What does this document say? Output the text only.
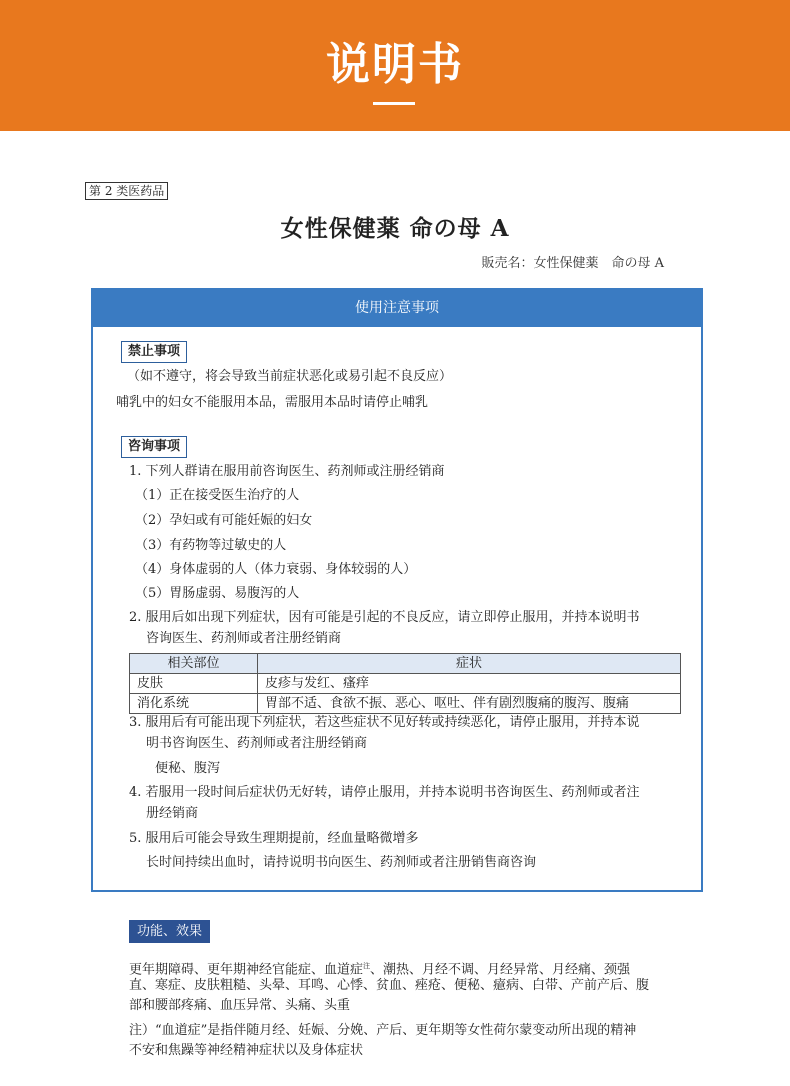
说明书
第 2 类医药品
女性保健薬 命の母 A
販売名：女性保健薬　命の母 A
使用注意事项
禁止事项
（如不遵守，将会导致当前症状恶化或易引起不良反应）
哺乳中的妇女不能服用本品，需服用本品时请停止哺乳
咨询事项
1. 下列人群请在服用前咨询医生、药剂师或注册经销商
（1）正在接受医生治疗的人
（2）孕妇或有可能妊娠的妇女
（3）有药物等过敏史的人
（4）身体虚弱的人（体力衰弱、身体较弱的人）
（5）胃肠虚弱、易腹泻的人
2. 服用后如出现下列症状，因有可能是引起的不良反应，请立即停止服用，并持本说明书
咨询医生、药剂师或者注册经销商
相关部位	症状
皮肤	皮疹与发红、瘙痒
消化系统	胃部不适、食欲不振、恶心、呕吐、伴有剧烈腹痛的腹泻、腹痛
3. 服用后有可能出现下列症状，若这些症状不见好转或持续恶化，请停止服用，并持本说
明书咨询医生、药剂师或者注册经销商
便秘、腹泻
4. 若服用一段时间后症状仍无好转，请停止服用，并持本说明书咨询医生、药剂师或者注
册经销商
5. 服用后可能会导致生理期提前，经血量略微增多
长时间持续出血时，请持说明书向医生、药剂师或者注册销售商咨询
功能、效果
更年期障碍、更年期神经官能症、血道症$^注$、潮热、月经不调、月经异常、月经痛、颈强
直、寒症、皮肤粗糙、头晕、耳鸣、心悸、贫血、痤疮、便秘、癔病、白带、产前产后、腹
部和腰部疼痛、血压异常、头痛、头重
注）“血道症”是指伴随月经、妊娠、分娩、产后、更年期等女性荷尔蒙变动所出现的精神
不安和焦躁等神经精神症状以及身体症状
